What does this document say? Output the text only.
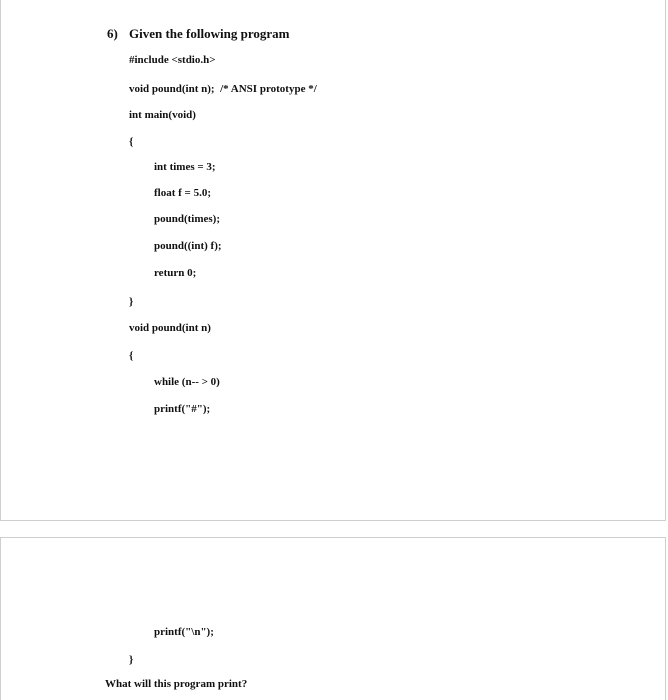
6) Given the following program
#include <stdio.h>
void pound(int n);  /* ANSI prototype */
int main(void)
{
int times = 3;
float f = 5.0;
pound(times);
pound((int) f);
return 0;
}
void pound(int n)
{
while (n-- > 0)
printf("#");
printf("\n");
}
What will this program print?
